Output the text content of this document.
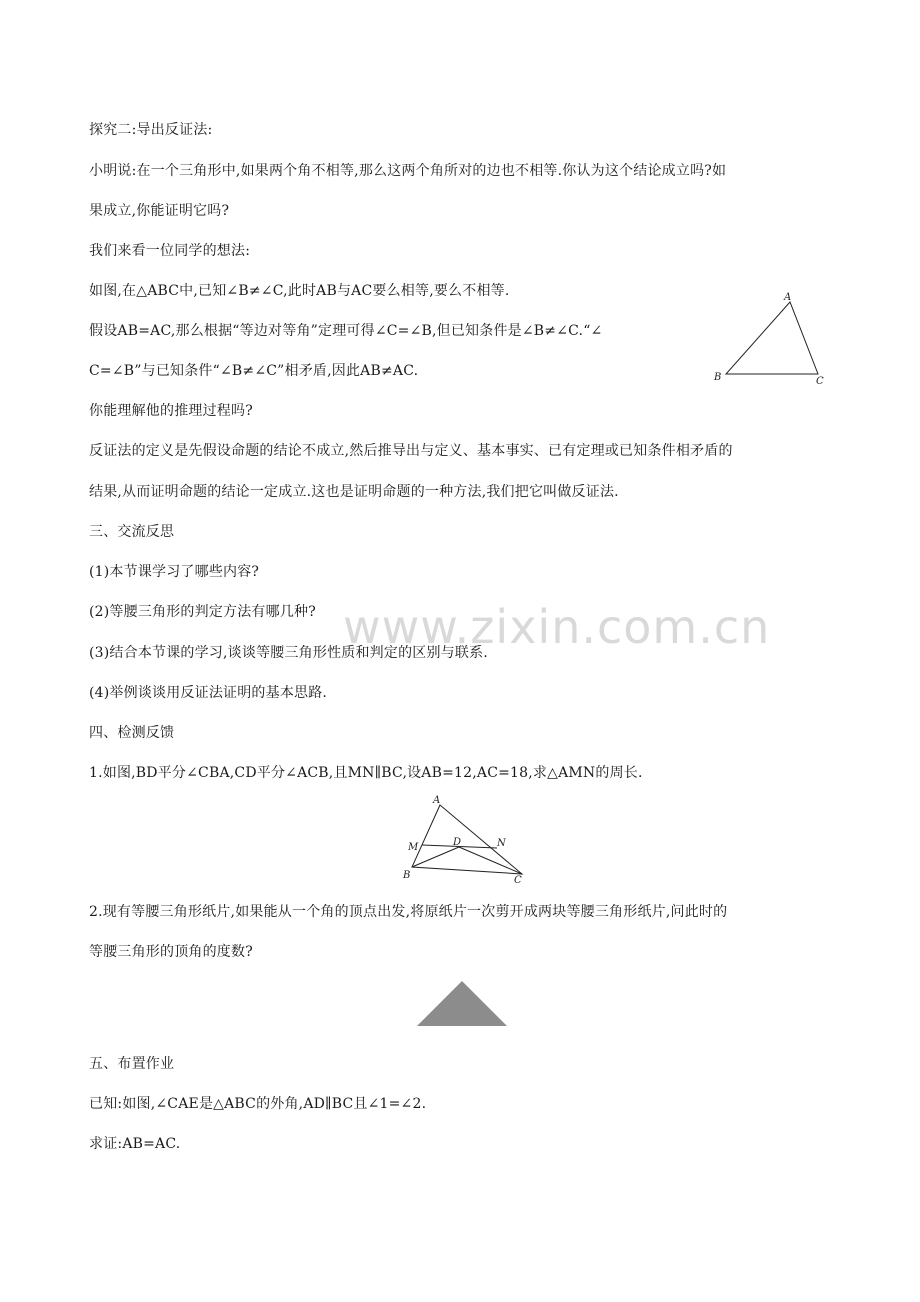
www.zixin.com.cn
探究二:导出反证法:
小明说:在一个三角形中,如果两个角不相等,那么这两个角所对的边也不相等.你认为这个结论成立吗?如
果成立,你能证明它吗?
我们来看一位同学的想法:
如图,在△ABC中,已知∠B≠∠C,此时AB与AC要么相等,要么不相等.
假设AB=AC,那么根据“等边对等角”定理可得∠C=∠B,但已知条件是∠B≠∠C.“∠
C=∠B”与已知条件“∠B≠∠C”相矛盾,因此AB≠AC.
你能理解他的推理过程吗?
反证法的定义是先假设命题的结论不成立,然后推导出与定义、基本事实、已有定理或已知条件相矛盾的
结果,从而证明命题的结论一定成立.这也是证明命题的一种方法,我们把它叫做反证法.
三、交流反思
(1)本节课学习了哪些内容?
(2)等腰三角形的判定方法有哪几种?
(3)结合本节课的学习,谈谈等腰三角形性质和判定的区别与联系.
(4)举例谈谈用反证法证明的基本思路.
四、检测反馈
1.如图,BD平分∠CBA,CD平分∠ACB,且MN∥BC,设AB=12,AC=18,求△AMN的周长.
2.现有等腰三角形纸片,如果能从一个角的顶点出发,将原纸片一次剪开成两块等腰三角形纸片,问此时的
等腰三角形的顶角的度数?
五、布置作业
已知:如图,∠CAE是△ABC的外角,AD∥BC且∠1=∠2.
求证:AB=AC.
A
B	C
A
M	D	N
B	C
